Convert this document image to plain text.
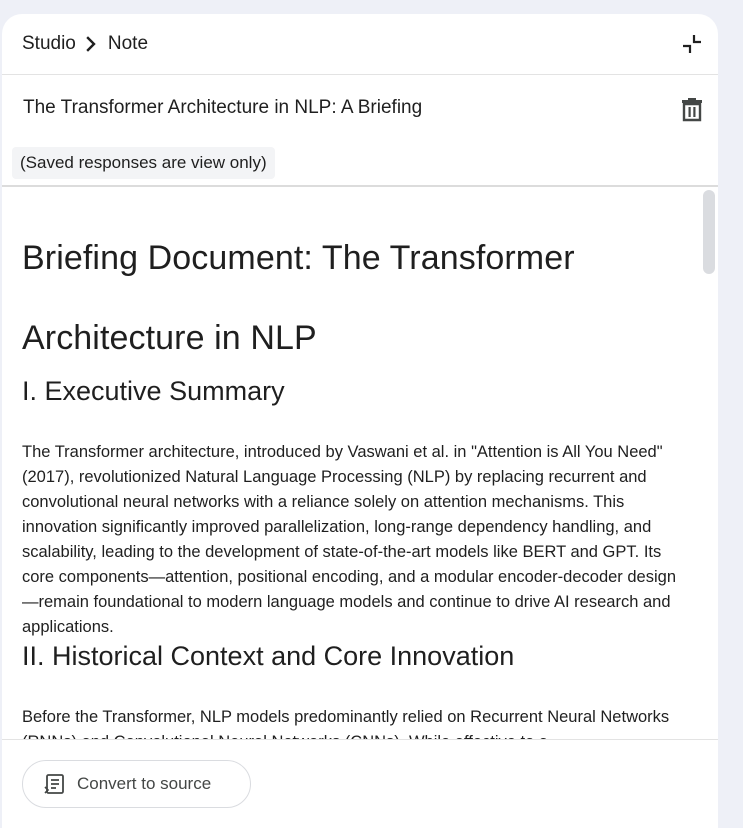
Studio Note
The Transformer Architecture in NLP: A Briefing
(Saved responses are view only)
Briefing Document: The Transformer
Architecture in NLP
I. Executive Summary

The Transformer architecture, introduced by Vaswani et al. in "Attention is All You Need" (2017), revolutionized Natural Language Processing (NLP) by replacing recurrent and convolutional neural networks with a reliance solely on attention mechanisms. This innovation significantly improved parallelization, long-range dependency handling, and scalability, leading to the development of state-of-the-art models like BERT and GPT. Its core components—attention, positional encoding, and a modular encoder-decoder design—remain foundational to modern language models and continue to drive AI research and applications.

II. Historical Context and Core Innovation

Before the Transformer, NLP models predominantly relied on Recurrent Neural Networks

Convert to source
